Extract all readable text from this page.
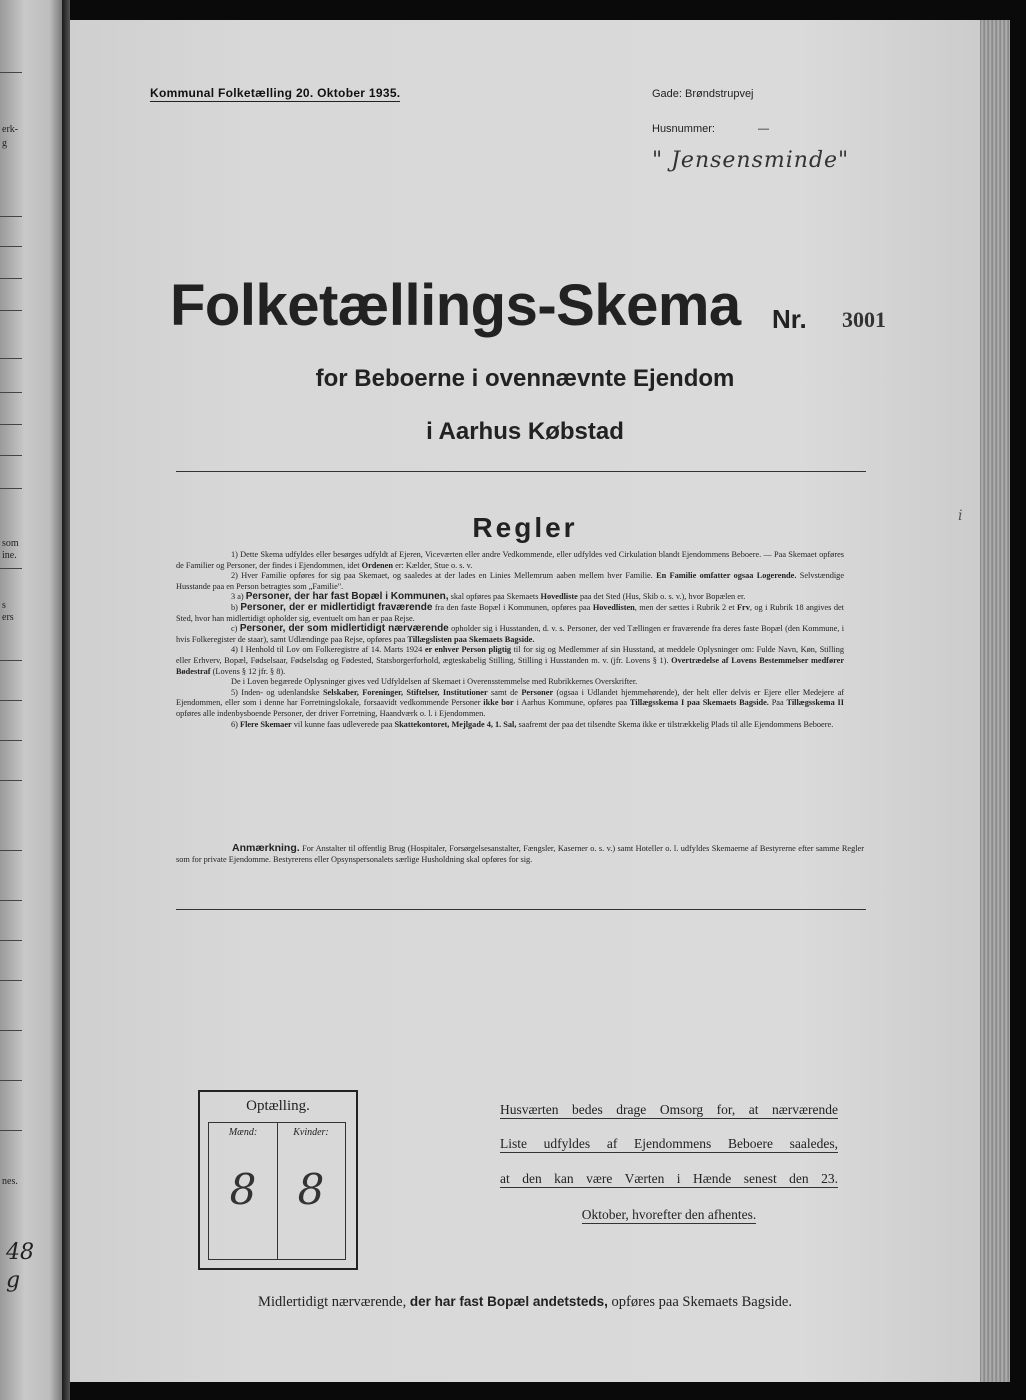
erk-
g
som
ine.
s
ers
nes.
48
g
Kommunal Folketælling 20. Oktober 1935.	Gade: Brøndstrupvej
Husnummer:	—
" Jensensminde"
Folketællings-Skema Nr. 3001
for Beboerne i ovennævnte Ejendom
i Aarhus Købstad
Regler

1) Dette Skema udfyldes eller besørges udfyldt af Ejeren, Viceværten eller andre Vedkommende, eller udfyldes ved Cirkulation blandt Ejendommens Beboere. — Paa Skemaet opføres de Familier og Personer, der findes i Ejendommen, idet Ordenen er: Kælder, Stue o. s. v.

2) Hver Familie opføres for sig paa Skemaet, og saaledes at der lades en Linies Mellemrum aaben mellem hver Familie. En Familie omfatter ogsaa Logerende. Selvstændige Husstande paa en Person betragtes som „Familie".

3 a) Personer, der har fast Bopæl i Kommunen, skal opføres paa Skemaets Hovedliste paa det Sted (Hus, Skib o. s. v.), hvor Bopælen er.

b) Personer, der er midlertidigt fraværende fra den faste Bopæl i Kommunen, opføres paa Hovedlisten, men der sættes i Rubrik 2 et Frv, og i Rubrik 18 angives det Sted, hvor han midlertidigt opholder sig, eventuelt om han er paa Rejse.

c) Personer, der som midlertidigt nærværende opholder sig i Husstanden, d. v. s. Personer, der ved Tællingen er fraværende fra deres faste Bopæl (den Kommune, i hvis Folkeregister de staar), samt Udlændinge paa Rejse, opføres paa Tillægslisten paa Skemaets Bagside.

4) I Henhold til Lov om Folkeregistre af 14. Marts 1924 er enhver Person pligtig til for sig og Medlemmer af sin Husstand, at meddele Oplysninger om: Fulde Navn, Køn, Stilling eller Erhverv, Bopæl, Fødselsaar, Fødselsdag og Fødested, Statsborgerforhold, ægteskabelig Stilling, Stilling i Husstanden m. v. (jfr. Lovens § 1). Overtrædelse af Lovens Bestemmelser medfører Bødestraf (Lovens § 12 jfr. § 8).

De i Loven begærede Oplysninger gives ved Udfyldelsen af Skemaet i Overensstemmelse med Rubrikkernes Overskrifter.

5) Inden- og udenlandske Selskaber, Foreninger, Stiftelser, Institutioner samt de Personer (ogsaa i Udlandet hjemmehørende), der helt eller delvis er Ejere eller Medejere af Ejendommen, eller som i denne har Forretningslokale, forsaavidt vedkommende Personer ikke bor i Aarhus Kommune, opføres paa Tillægsskema I paa Skemaets Bagside. Paa Tillægsskema II opføres alle indenbysboende Personer, der driver Forretning, Haandværk o. l. i Ejendommen.

6) Flere Skemaer vil kunne faas udleverede paa Skattekontoret, Mejlgade 4, 1. Sal, saafremt der paa det tilsendte Skema ikke er tilstrækkelig Plads til alle Ejendommens Beboere.

Anmærkning. For Anstalter til offentlig Brug (Hospitaler, Forsørgelsesanstalter, Fængsler, Kaserner o. s. v.) samt Hoteller o. l. udfyldes Skemaerne af Bestyrerne efter samme Regler som for private Ejendomme. Bestyrerens eller Opsynspersonalets særlige Husholdning skal opføres for sig.
i
Optælling.
Mænd:	Kvinder:
8 8
Husværten bedes drage Omsorg for, at nærværende
Liste udfyldes af Ejendommens Beboere saaledes,
at den kan være Værten i Hænde senest den 23.
Oktober, hvorefter den afhentes.
Midlertidigt nærværende, der har fast Bopæl andetsteds, opføres paa Skemaets Bagside.
